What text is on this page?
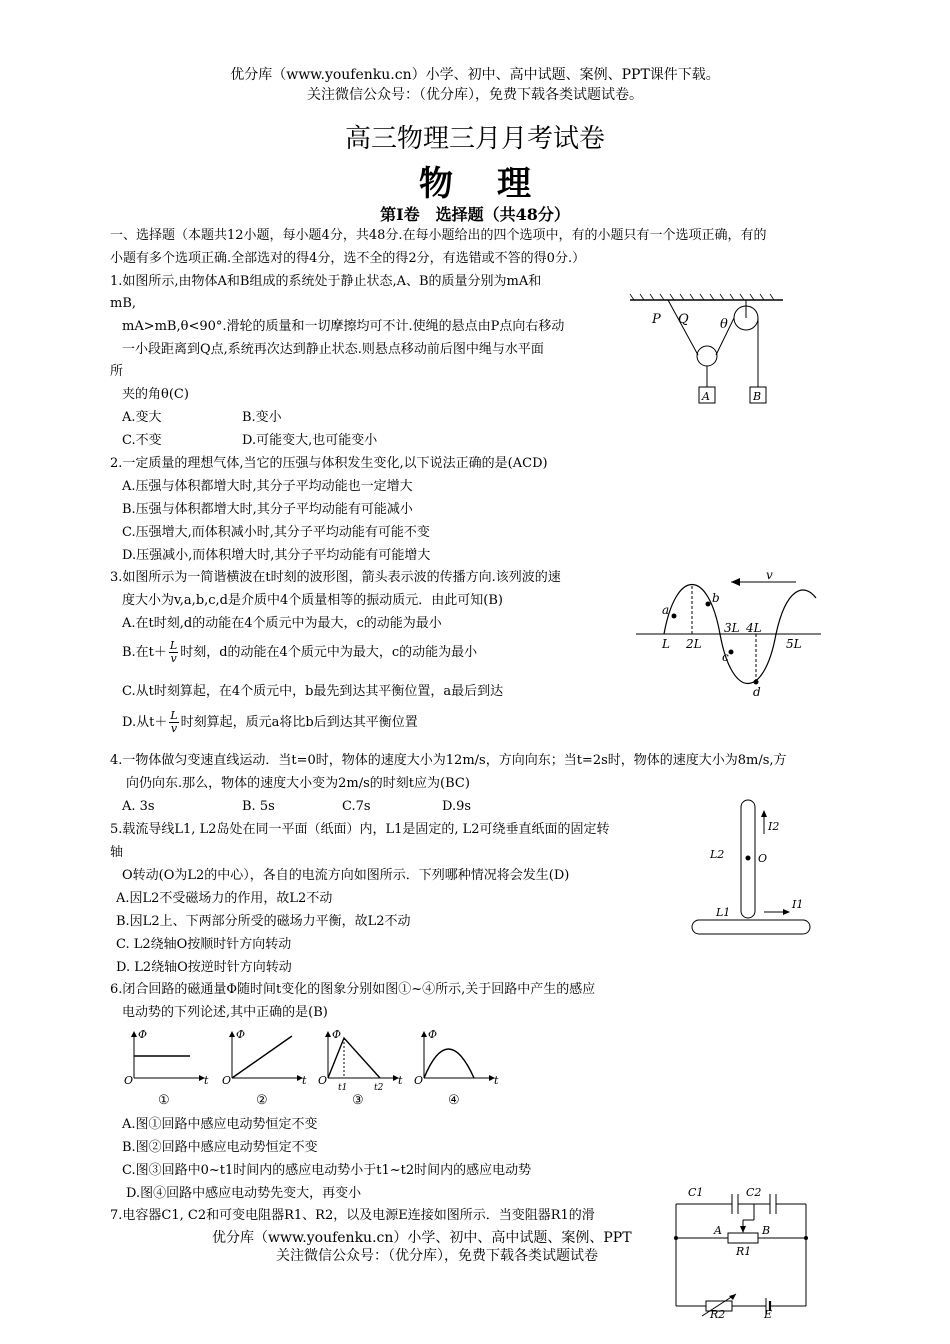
优分库（www.youfenku.cn）小学、初中、高中试题、案例、PPT课件下载。
关注微信公众号：（优分库），免费下载各类试题试卷。
高三物理三月月考试卷
物理
第Ⅰ卷　选择题（共48分）
一、选择题（本题共12小题，每小题4分，共48分.在每小题给出的四个选项中，有的小题只有一个选项正确，有的
小题有多个选项正确.全部选对的得4分，选不全的得2分，有选错或不答的得0分.）
1.如图所示,由物体A和B组成的系统处于静止状态,A、B的质量分别为mA和
mB,
mA>mB,θ<90°.滑轮的质量和一切摩擦均可不计.使绳的悬点由P点向右移动
一小段距离到Q点,系统再次达到静止状态.则悬点移动前后图中绳与水平面
所
夹的角θ(C)
A.变大	B.变小
C.不变	D.可能变大,也可能变小
P Q θ
A	B
2.一定质量的理想气体,当它的压强与体积发生变化,以下说法正确的是(ACD)
A.压强与体积都增大时,其分子平均动能也一定增大
B.压强与体积都增大时,其分子平均动能有可能减小
C.压强增大,而体积减小时,其分子平均动能有可能不变
D.压强减小,而体积增大时,其分子平均动能有可能增大
3.如图所示为一简谐横波在t时刻的波形图，箭头表示波的传播方向.该列波的速
度大小为v,a,b,c,d是介质中4个质量相等的振动质元．由此可知(B)
A.在t时刻,d的动能在4个质元中为最大，c的动能为最小
B.在$t+ \frac{L}{v}$ 时刻，d的动能在4个质元中为最大，c的动能为最小
C.从t时刻算起，在4个质元中，b最先到达其平衡位置，a最后到达
D.从$t+ \frac{L}{v}$ 时刻算起，质元a将比b后到达其平衡位置
v
a
b
c
d
L 2L
3L 4L
5L
4.一物体做匀变速直线运动．当t=0时，物体的速度大小为12m/s，方向向东；当t=2s时，物体的速度大小为8m/s,方
向仍向东.那么，物体的速度大小变为2m/s的时刻t应为(BC)
A. 3s	B. 5s	C.7s	D.9s
5.载流导线L1, L2岛处在同一平面（纸面）内，L1是固定的, L2可绕垂直纸面的固定转
轴
O转动(O为L2的中心），各自的电流方向如图所示．下列哪种情况将会发生(D)
A.因L2不受磁场力的作用，故L2不动
B.因L2上、下两部分所受的磁场力平衡，故L2不动
C. L2绕轴O按顺时针方向转动
D. L2绕轴O按逆时针方向转动
I2
L2	O
L1
I1
6.闭合回路的磁通量Φ随时间t变化的图象分别如图①~④所示,关于回路中产生的感应
电动势的下列论述,其中正确的是(B)
Φ
O	t
①
Φ
O	t
②
Φ
O	t
t1	t2
③
Φ
O	t
④
A.图①回路中感应电动势恒定不变
B.图②回路中感应电动势恒定不变
C.图③回路中0~t1时间内的感应电动势小于t1~t2时间内的感应电动势
D.图④回路中感应电动势先变大，再变小
7.电容器C1, C2和可变电阻器R1、R2，以及电源E连接如图所示．当变阻器R1的滑
C1	C2
A	B
R1
R2	E
优分库（www.youfenku.cn）小学、初中、高中试题、案例、PPT
关注微信公众号：（优分库），免费下载各类试题试卷
